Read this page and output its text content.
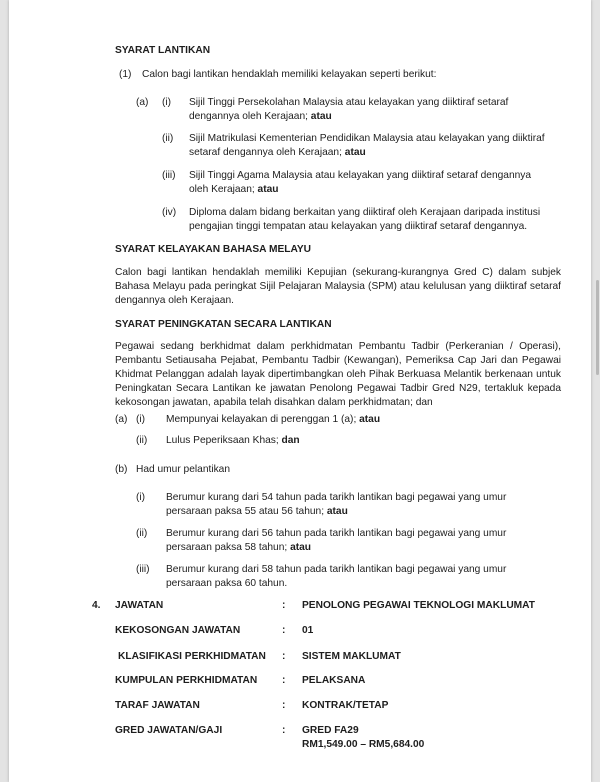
SYARAT LANTIKAN
(1) Calon bagi lantikan hendaklah memiliki kelayakan seperti berikut:
(a) (i) Sijil Tinggi Persekolahan Malaysia atau kelayakan yang diiktiraf setaraf
dengannya oleh Kerajaan; atau
(ii) Sijil Matrikulasi Kementerian Pendidikan Malaysia atau kelayakan yang diiktiraf
setaraf dengannya oleh Kerajaan; atau
(iii) Sijil Tinggi Agama Malaysia atau kelayakan yang diiktiraf setaraf dengannya
oleh Kerajaan; atau
(iv) Diploma dalam bidang berkaitan yang diiktiraf oleh Kerajaan daripada institusi
pengajian tinggi tempatan atau kelayakan yang diiktiraf setaraf dengannya.
SYARAT KELAYAKAN BAHASA MELAYU
Calon bagi lantikan hendaklah memiliki Kepujian (sekurang-kurangnya Gred C) dalam subjek Bahasa Melayu pada peringkat Sijil Pelajaran Malaysia (SPM) atau kelulusan yang diiktiraf setaraf dengannya oleh Kerajaan.
SYARAT PENINGKATAN SECARA LANTIKAN
Pegawai sedang berkhidmat dalam perkhidmatan Pembantu Tadbir (Perkeranian / Operasi), Pembantu Setiausaha Pejabat, Pembantu Tadbir (Kewangan), Pemeriksa Cap Jari dan Pegawai Khidmat Pelanggan adalah layak dipertimbangkan oleh Pihak Berkuasa Melantik berkenaan untuk Peningkatan Secara Lantikan ke jawatan Penolong Pegawai Tadbir Gred N29, tertakluk kepada kekosongan jawatan, apabila telah disahkan dalam perkhidmatan; dan
(a) (i) Mempunyai kelayakan di perenggan 1 (a); atau
(ii) Lulus Peperiksaan Khas; dan
(b) Had umur pelantikan
(i) Berumur kurang dari 54 tahun pada tarikh lantikan bagi pegawai yang umur
persaraan paksa 55 atau 56 tahun; atau
(ii) Berumur kurang dari 56 tahun pada tarikh lantikan bagi pegawai yang umur
persaraan paksa 58 tahun; atau
(iii) Berumur kurang dari 58 tahun pada tarikh lantikan bagi pegawai yang umur
persaraan paksa 60 tahun.
4. JAWATAN	: PENOLONG PEGAWAI TEKNOLOGI MAKLUMAT
KEKOSONGAN JAWATAN	: 01
KLASIFIKASI PERKHIDMATAN : SISTEM MAKLUMAT
KUMPULAN PERKHIDMATAN : PELAKSANA
TARAF JAWATAN	: KONTRAK/TETAP
GRED JAWATAN/GAJI	: GRED FA29
RM1,549.00 – RM5,684.00
